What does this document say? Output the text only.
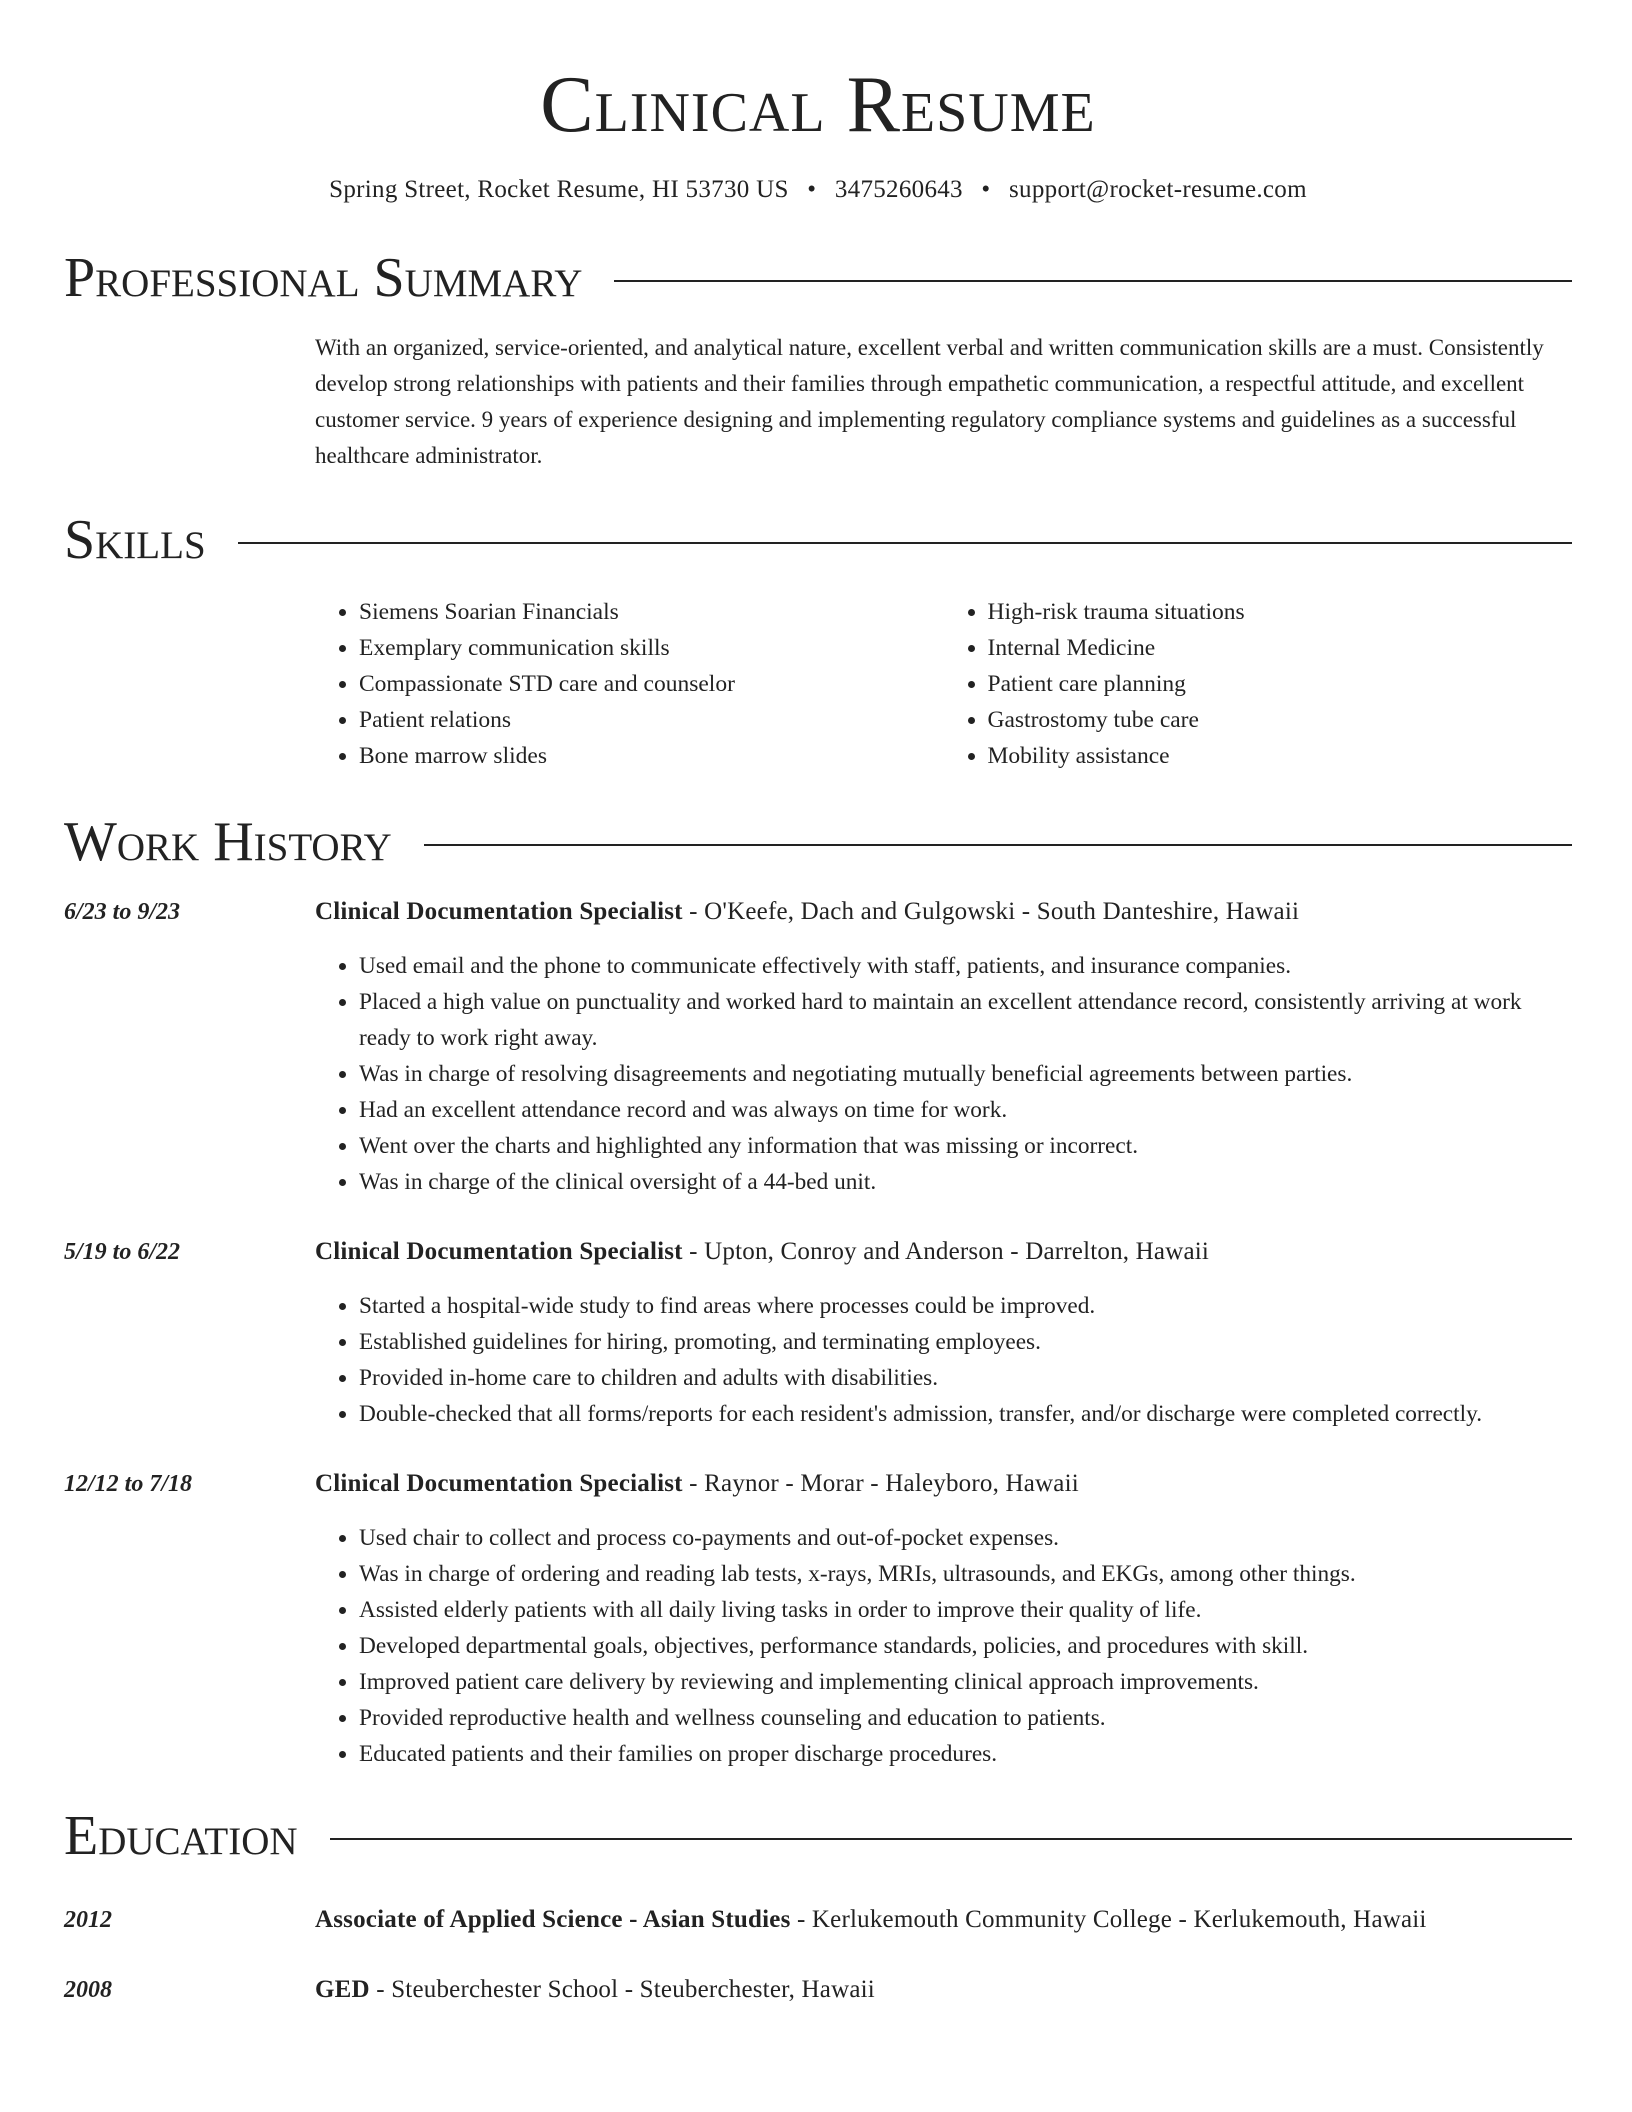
Clinical Resume
Spring Street, Rocket Resume, HI 53730 US • 3475260643 • support@rocket-resume.com
Professional Summary
With an organized, service-oriented, and analytical nature, excellent verbal and written communication skills are a must. Consistently develop strong relationships with patients and their families through empathetic communication, a respectful attitude, and excellent customer service. 9 years of experience designing and implementing regulatory compliance systems and guidelines as a successful healthcare administrator.
Skills
• Siemens Soarian Financials
• Exemplary communication skills
• Compassionate STD care and counselor
• Patient relations
• Bone marrow slides
• High-risk trauma situations
• Internal Medicine
• Patient care planning
• Gastrostomy tube care
• Mobility assistance
Work History
6/23 to 9/23	Clinical Documentation Specialist - O'Keefe, Dach and Gulgowski - South Danteshire, Hawaii
• Used email and the phone to communicate effectively with staff, patients, and insurance companies.
• Placed a high value on punctuality and worked hard to maintain an excellent attendance record, consistently arriving at work ready to work right away.
• Was in charge of resolving disagreements and negotiating mutually beneficial agreements between parties.
• Had an excellent attendance record and was always on time for work.
• Went over the charts and highlighted any information that was missing or incorrect.
• Was in charge of the clinical oversight of a 44-bed unit.
5/19 to 6/22	Clinical Documentation Specialist - Upton, Conroy and Anderson - Darrelton, Hawaii
• Started a hospital-wide study to find areas where processes could be improved.
• Established guidelines for hiring, promoting, and terminating employees.
• Provided in-home care to children and adults with disabilities.
• Double-checked that all forms/reports for each resident's admission, transfer, and/or discharge were completed correctly.
12/12 to 7/18	Clinical Documentation Specialist - Raynor - Morar - Haleyboro, Hawaii
• Used chair to collect and process co-payments and out-of-pocket expenses.
• Was in charge of ordering and reading lab tests, x-rays, MRIs, ultrasounds, and EKGs, among other things.
• Assisted elderly patients with all daily living tasks in order to improve their quality of life.
• Developed departmental goals, objectives, performance standards, policies, and procedures with skill.
• Improved patient care delivery by reviewing and implementing clinical approach improvements.
• Provided reproductive health and wellness counseling and education to patients.
• Educated patients and their families on proper discharge procedures.
Education
2012	Associate of Applied Science - Asian Studies - Kerlukemouth Community College - Kerlukemouth, Hawaii
2008	GED - Steuberchester School - Steuberchester, Hawaii
